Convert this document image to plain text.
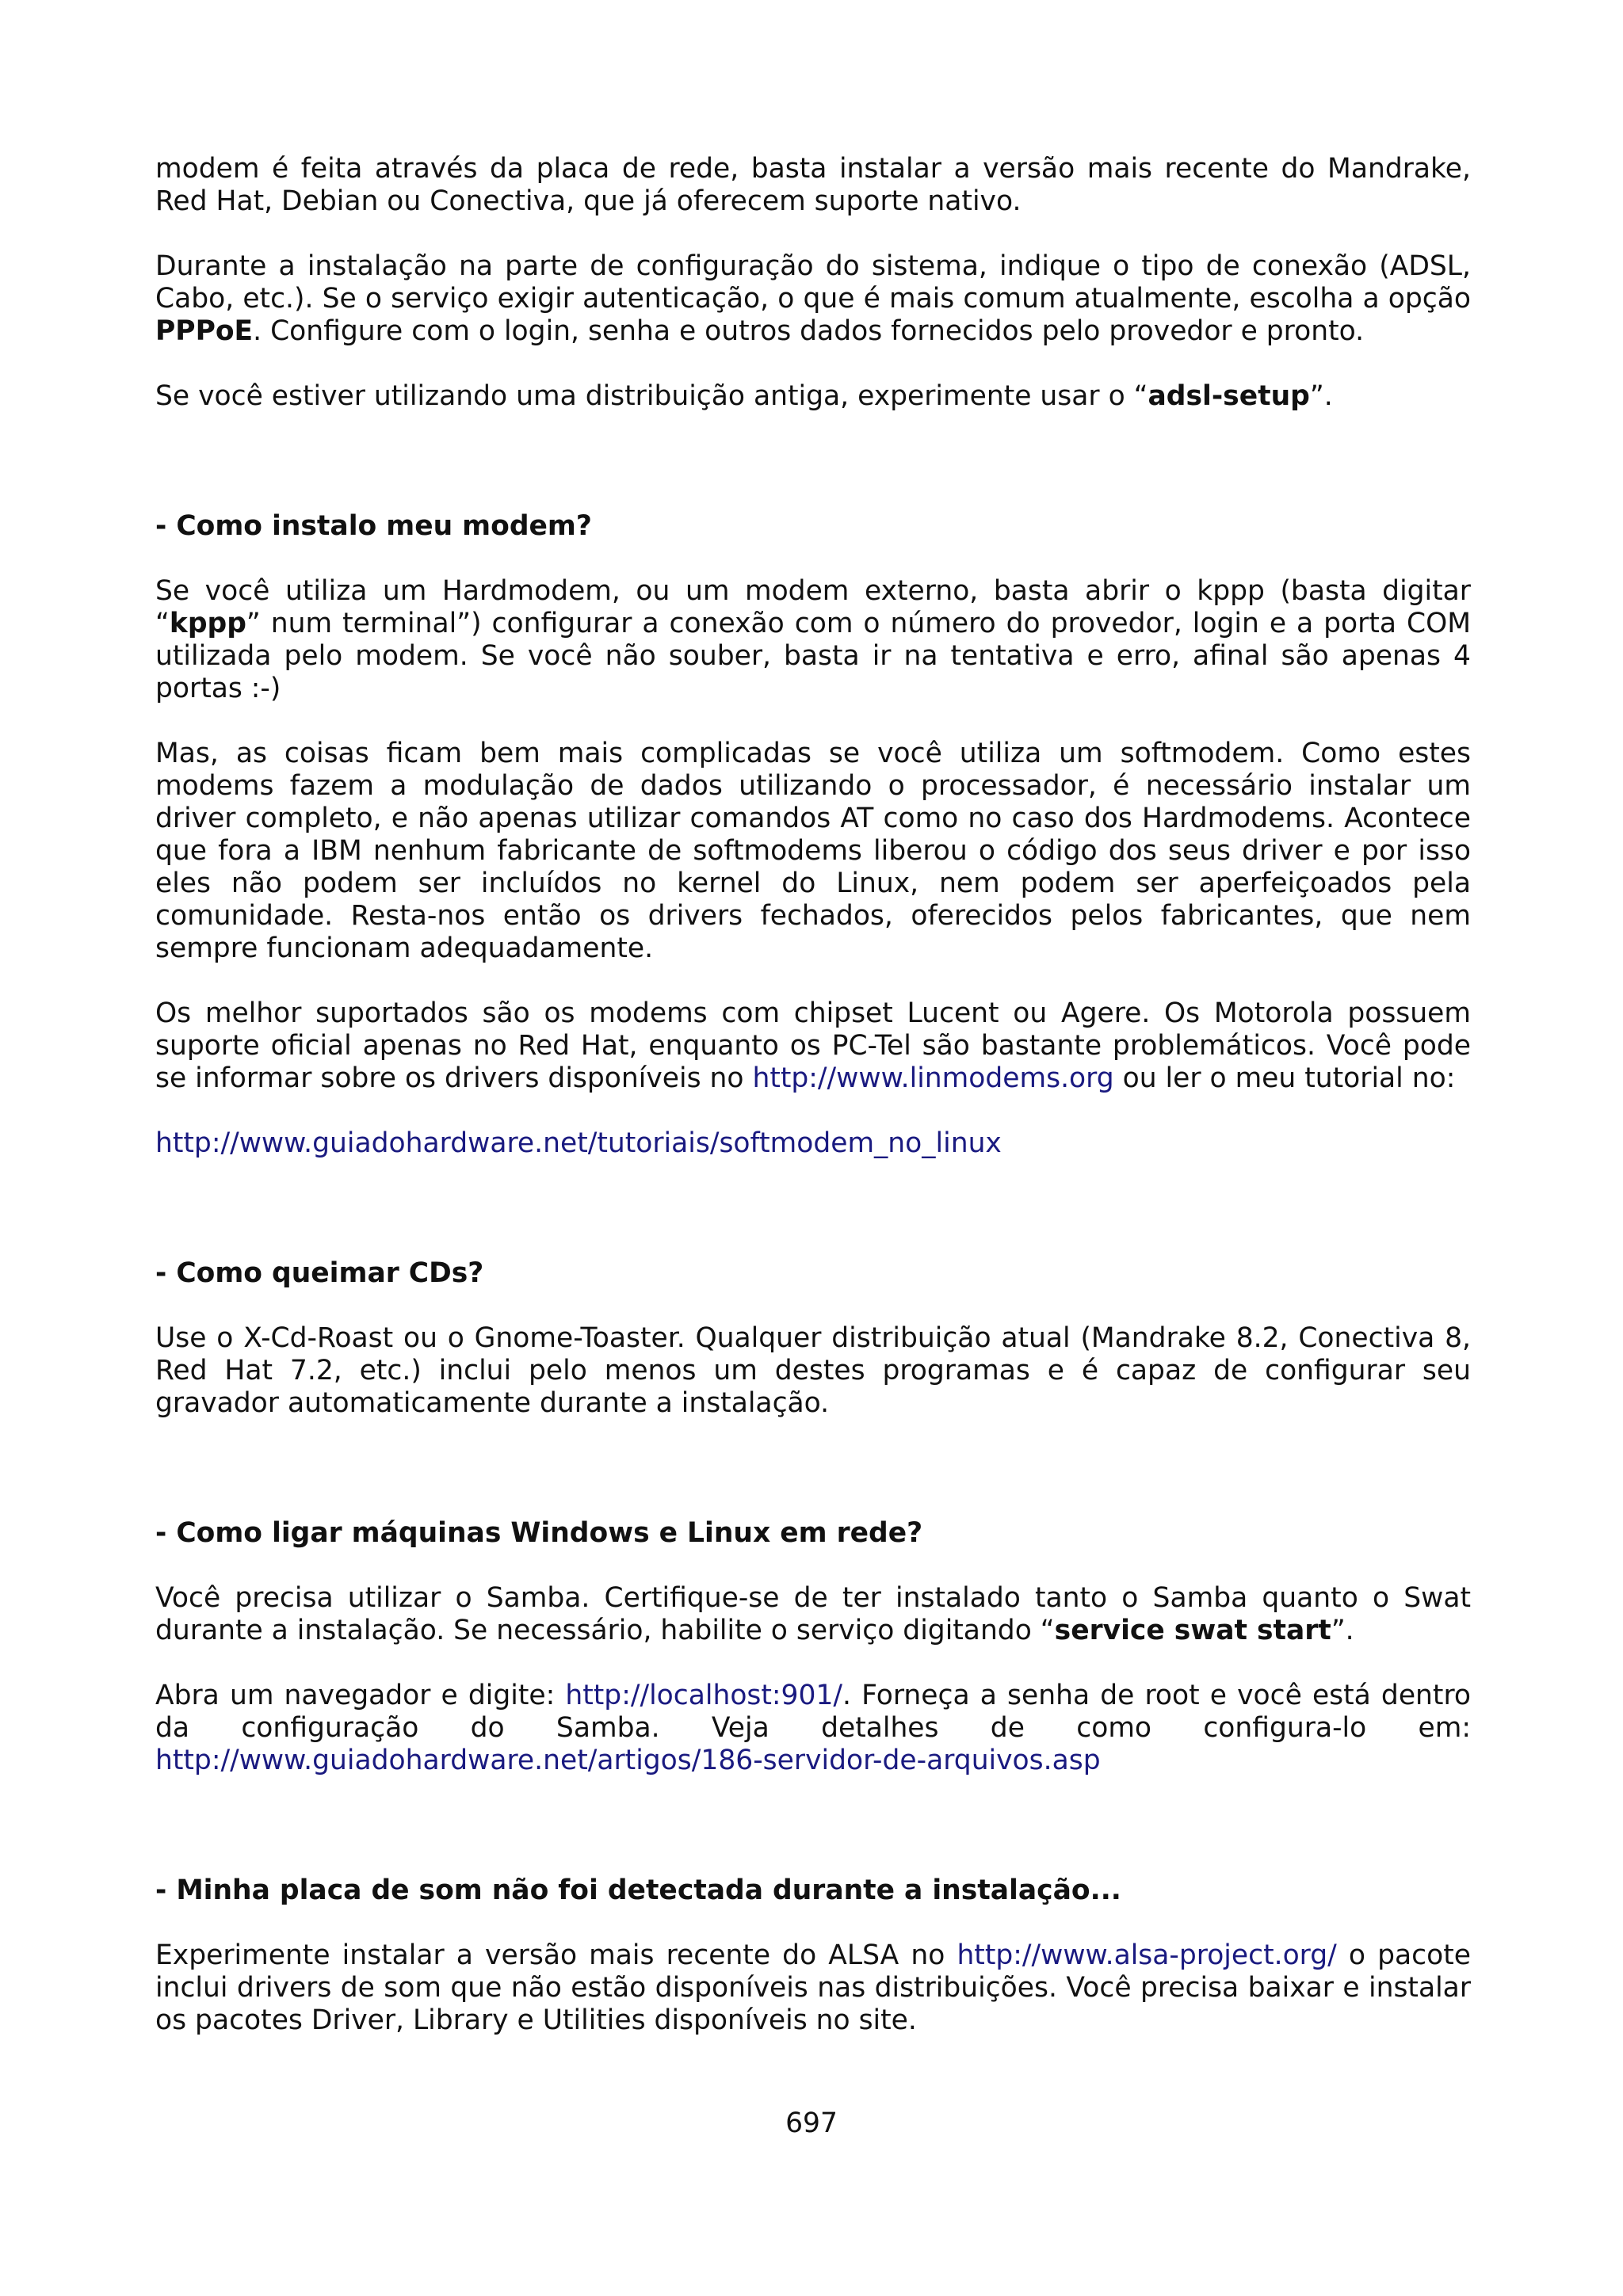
modem é feita através da placa de rede, basta instalar a versão mais recente do Mandrake, Red Hat, Debian ou Conectiva, que já oferecem suporte nativo.

Durante a instalação na parte de configuração do sistema, indique o tipo de conexão (ADSL, Cabo, etc.). Se o serviço exigir autenticação, o que é mais comum atualmente, escolha a opção PPPoE. Configure com o login, senha e outros dados fornecidos pelo provedor e pronto.

Se você estiver utilizando uma distribuição antiga, experimente usar o “adsl-setup”.

- Como instalo meu modem?

Se você utiliza um Hardmodem, ou um modem externo, basta abrir o kppp (basta digitar “kppp” num terminal”) configurar a conexão com o número do provedor, login e a porta COM utilizada pelo modem. Se você não souber, basta ir na tentativa e erro, afinal são apenas 4 portas :-)

Mas, as coisas ficam bem mais complicadas se você utiliza um softmodem. Como estes modems fazem a modulação de dados utilizando o processador, é necessário instalar um driver completo, e não apenas utilizar comandos AT como no caso dos Hardmodems. Acontece que fora a IBM nenhum fabricante de softmodems liberou o código dos seus driver e por isso eles não podem ser incluídos no kernel do Linux, nem podem ser aperfeiçoados pela comunidade. Resta-nos então os drivers fechados, oferecidos pelos fabricantes, que nem sempre funcionam adequadamente.

Os melhor suportados são os modems com chipset Lucent ou Agere. Os Motorola possuem suporte oficial apenas no Red Hat, enquanto os PC-Tel são bastante problemáticos. Você pode se informar sobre os drivers disponíveis no http://www.linmodems.org ou ler o meu tutorial no:

http://www.guiadohardware.net/tutoriais/softmodem_no_linux

- Como queimar CDs?

Use o X-Cd-Roast ou o Gnome-Toaster. Qualquer distribuição atual (Mandrake 8.2, Conectiva 8, Red Hat 7.2, etc.) inclui pelo menos um destes programas e é capaz de configurar seu gravador automaticamente durante a instalação.

- Como ligar máquinas Windows e Linux em rede?

Você precisa utilizar o Samba. Certifique-se de ter instalado tanto o Samba quanto o Swat durante a instalação. Se necessário, habilite o serviço digitando “service swat start”.

Abra um navegador e digite: http://localhost:901/. Forneça a senha de root e você está dentro da configuração do Samba. Veja detalhes de como configura-lo em: http://www.guiadohardware.net/artigos/186-servidor-de-arquivos.asp

- Minha placa de som não foi detectada durante a instalação...

Experimente instalar a versão mais recente do ALSA no http://www.alsa-project.org/ o pacote inclui drivers de som que não estão disponíveis nas distribuições. Você precisa baixar e instalar os pacotes Driver, Library e Utilities disponíveis no site.

697
